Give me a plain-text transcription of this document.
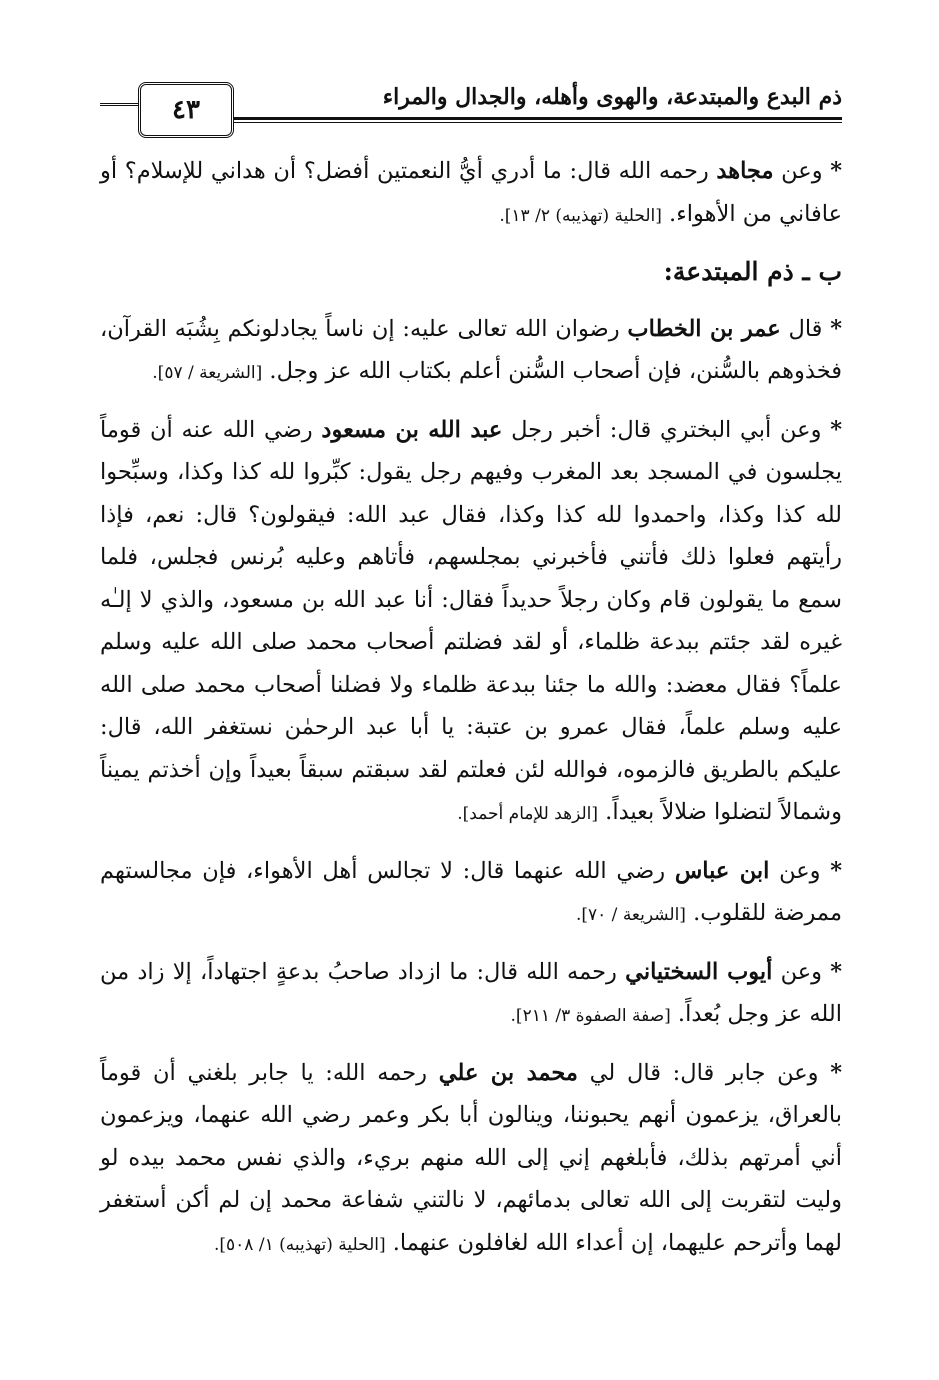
ذم البدع والمبتدعة، والهوى وأهله، والجدال والمراء
٤٣

* وعن مجاهد رحمه الله قال: ما أدري أيُّ النعمتين أفضل؟ أن هداني للإسلام؟ أو عافاني من الأهواء. [الحلية (تهذيبه) ٢/ ١٣].

ب ـ ذم المبتدعة:

* قال عمر بن الخطاب رضوان الله تعالى عليه: إن ناساً يجادلونكم بِشُبَه القرآن، فخذوهم بالسُّنن، فإن أصحاب السُّنن أعلم بكتاب الله عز وجل. [الشريعة / ٥٧].

* وعن أبي البختري قال: أخبر رجل عبد الله بن مسعود رضي الله عنه أن قوماً يجلسون في المسجد بعد المغرب وفيهم رجل يقول: كبِّروا لله كذا وكذا، وسبِّحوا لله كذا وكذا، واحمدوا لله كذا وكذا، فقال عبد الله: فيقولون؟ قال: نعم، فإذا رأيتهم فعلوا ذلك فأتني فأخبرني بمجلسهم، فأتاهم وعليه بُرنس فجلس، فلما سمع ما يقولون قام وكان رجلاً حديداً فقال: أنا عبد الله بن مسعود، والذي لا إلـٰه غيره لقد جئتم ببدعة ظلماء، أو لقد فضلتم أصحاب محمد صلى الله عليه وسلم علماً؟ فقال معضد: والله ما جئنا ببدعة ظلماء ولا فضلنا أصحاب محمد صلى الله عليه وسلم علماً، فقال عمرو بن عتبة: يا أبا عبد الرحمٰن نستغفر الله، قال: عليكم بالطريق فالزموه، فوالله لئن فعلتم لقد سبقتم سبقاً بعيداً وإن أخذتم يميناً وشمالاً لتضلوا ضلالاً بعيداً. [الزهد للإمام أحمد].

* وعن ابن عباس رضي الله عنهما قال: لا تجالس أهل الأهواء، فإن مجالستهم ممرضة للقلوب. [الشريعة / ٧٠].

* وعن أيوب السختياني رحمه الله قال: ما ازداد صاحبُ بدعةٍ اجتهاداً، إلا زاد من الله عز وجل بُعداً. [صفة الصفوة ٣/ ٢١١].

* وعن جابر قال: قال لي محمد بن علي رحمه الله: يا جابر بلغني أن قوماً بالعراق، يزعمون أنهم يحبوننا، وينالون أبا بكر وعمر رضي الله عنهما، ويزعمون أني أمرتهم بذلك، فأبلغهم إني إلى الله منهم بريء، والذي نفس محمد بيده لو وليت لتقربت إلى الله تعالى بدمائهم، لا نالتني شفاعة محمد إن لم أكن أستغفر لهما وأترحم عليهما، إن أعداء الله لغافلون عنهما. [الحلية (تهذيبه) ١/ ٥٠٨].
